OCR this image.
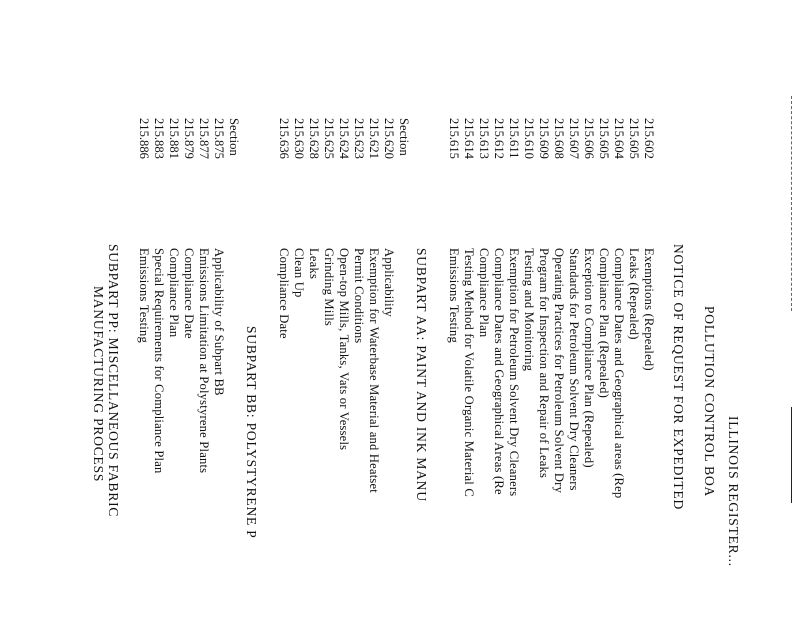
ILLINOIS REGISTER...
POLLUTION CONTROL BOA
NOTICE OF REQUEST FOR EXPEDITED
215.602
Exemptions (Repealed)
215.605
Leaks (Repealed)
215.604
Compliance Dates and Geographical areas (Rep
215.605
Compliance Plan (Repealed)
215.606
Exception to Compliance Plan (Repealed)
215.607
Standards for Petroleum Solvent Dry Cleaners
215.608
Operating Practices for Petroleum Solvent Dry
215.609
Program for Inspection and Repair of Leaks
215.610
Testing and Monitoring
215.611
Exemption for Petroleum Solvent Dry Cleaners
215.612
Compliance Dates and Geographical Areas (Re
215.613
Compliance Plan
215.614
Testing Method for Volatile Organic Material C
215.615
Emissions Testing
SUBPART AA: PAINT AND INK MANU
Section
215.620
Applicability
215.621
Exemption for Waterbase Material and Heatset
215.623
Permit Conditions
215.624
Open-top Mills, Tanks, Vats or Vessels
215.625
Grinding Mills
215.628
Leaks
215.630
Clean Up
215.636
Compliance Date
SUBPART BB: POLYSTYRENE P
Section
215.875
Applicability of Subpart BB
215.877
Emissions Limitation at Polystyrene Plants
215.879
Compliance Date
215.881
Compliance Plan
215.883
Special Requirements for Compliance Plan
215.886
Emissions Testing
SUBPART PP: MISCELLANEOUS FABRIC
MANUFACTURING PROCESS
